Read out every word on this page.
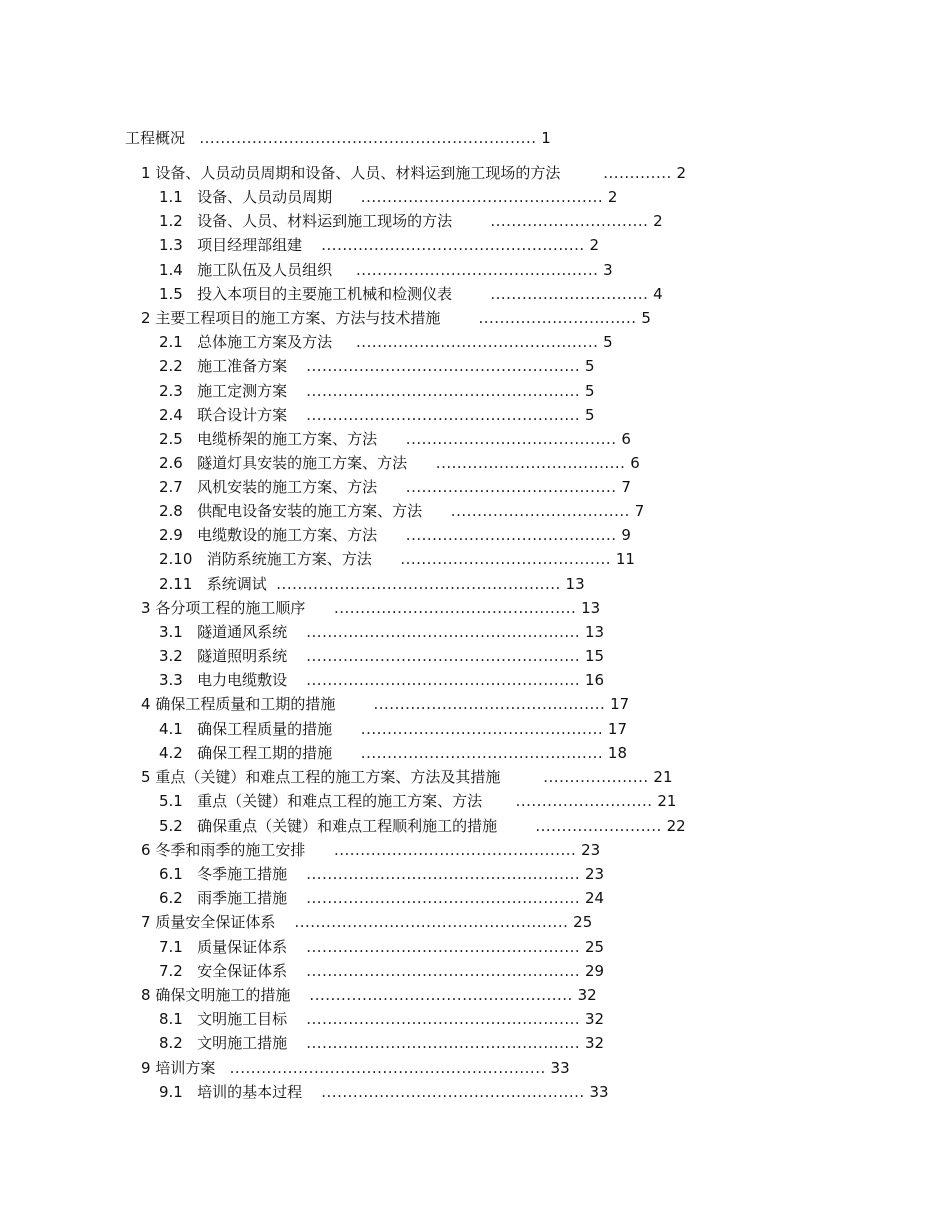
工程概况 ................................................................ 1
1 设备、人员动员周期和设备、人员、材料运到施工现场的方法	............. 2
1.1 设备、人员动员周期 .............................................. 2
1.2 设备、人员、材料运到施工现场的方法	.............................. 2
1.3 项目经理部组建 .................................................. 2
1.4 施工队伍及人员组织 .............................................. 3
1.5 投入本项目的主要施工机械和检测仪表	.............................. 4
2 主要工程项目的施工方案、方法与技术措施	.............................. 5
2.1 总体施工方案及方法 .............................................. 5
2.2 施工准备方案 .................................................... 5
2.3 施工定测方案 .................................................... 5
2.4 联合设计方案 .................................................... 5
2.5 电缆桥架的施工方案、方法 ........................................ 6
2.6 隧道灯具安装的施工方案、方法 .................................... 6
2.7 风机安装的施工方案、方法 ........................................ 7
2.8 供配电设备安装的施工方案、方法 .................................. 7
2.9 电缆敷设的施工方案、方法 ........................................ 9
2.10 消防系统施工方案、方法 ........................................ 11
2.11 系统调试 ...................................................... 13
3 各分项工程的施工顺序 .............................................. 13
3.1 隧道通风系统 .................................................... 13
3.2 隧道照明系统 .................................................... 15
3.3 电力电缆敷设 .................................................... 16
4 确保工程质量和工期的措施	............................................ 17
4.1 确保工程质量的措施 .............................................. 17
4.2 确保工程工期的措施 .............................................. 18
5 重点（关键）和难点工程的施工方案、方法及其措施	.................... 21
5.1 重点（关键）和难点工程的施工方案、方法 .......................... 21
5.2 确保重点（关键）和难点工程顺利施工的措施	........................ 22
6 冬季和雨季的施工安排 .............................................. 23
6.1 冬季施工措施 .................................................... 23
6.2 雨季施工措施 .................................................... 24
7 质量安全保证体系 .................................................... 25
7.1 质量保证体系 .................................................... 25
7.2 安全保证体系 .................................................... 29
8 确保文明施工的措施 .................................................. 32
8.1 文明施工目标 .................................................... 32
8.2 文明施工措施 .................................................... 32
9 培训方案 ............................................................ 33
9.1 培训的基本过程 .................................................. 33
